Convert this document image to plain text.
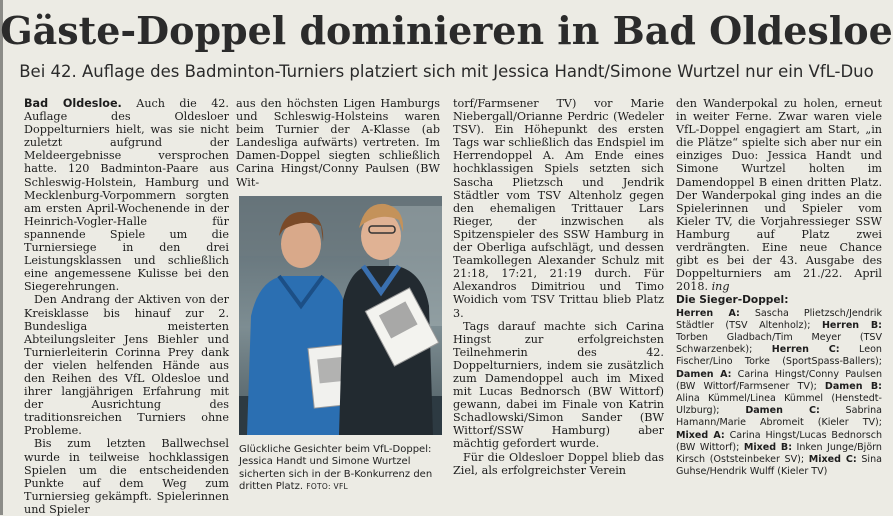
Gäste-Doppel dominieren in Bad Oldesloe
Bei 42. Auflage des Badminton-Turniers platziert sich mit Jessica Handt/Simone Wurtzel nur ein VfL-Duo

Bad Oldesloe. Auch die 42. Auflage des Oldesloer Doppelturniers hielt, was sie nicht zuletzt aufgrund der Meldeergebnisse versprochen hatte. 120 Badminton-Paare aus Schleswig-Holstein, Hamburg und Mecklenburg-Vorpommern sorgten am ersten April-Wochenende in der Heinrich-Vogler-Halle für spannende Spiele um die Turniersiege in den drei Leistungsklassen und schließlich eine angemessene Kulisse bei den Siegerehrungen.

Den Andrang der Aktiven von der Kreisklasse bis hinauf zur 2. Bundesliga meisterten Abteilungsleiter Jens Biehler und Turnierleiterin Corinna Prey dank der vielen helfenden Hände aus den Reihen des VfL Oldesloe und ihrer langjährigen Erfahrung mit der Ausrichtung des traditionsreichen Turniers ohne Probleme.

Bis zum letzten Ballwechsel wurde in teilweise hochklassigen Spielen um die entscheidenden Punkte auf dem Weg zum Turniersieg gekämpft. Spielerinnen und Spieler

aus den höchsten Ligen Hamburgs und Schleswig-Holsteins waren beim Turnier der A-Klasse (ab Landesliga aufwärts) vertreten. Im Damen-Doppel siegten schließlich Carina Hingst/Conny Paulsen (BW Wit-

Glückliche Gesichter beim VfL-Doppel: Jessica Handt und Simone Wurtzel sicherten sich in der B-Konkurrenz den dritten Platz. FOTO: VFL

torf/Farmsener TV) vor Marie Niebergall/Orianne Perdric (Wedeler TSV). Ein Höhepunkt des ersten Tags war schließlich das Endspiel im Herrendoppel A. Am Ende eines hochklassigen Spiels setzten sich Sascha Plietzsch und Jendrik Städtler vom TSV Altenholz gegen den ehemaligen Trittauer Lars Rieger, der inzwischen als Spitzenspieler des SSW Hamburg in der Oberliga aufschlägt, und dessen Teamkollegen Alexander Schulz mit 21:18, 17:21, 21:19 durch. Für Alexandros Dimitriou und Timo Woidich vom TSV Trittau blieb Platz 3.

Tags darauf machte sich Carina Hingst zur erfolgreichsten Teilnehmerin des 42. Doppelturniers, indem sie zusätzlich zum Damendoppel auch im Mixed mit Lucas Bednorsch (BW Wittorf) gewann, dabei im Finale von Katrin Schadlowski/Simon Sander (BW Wittorf/SSW Hamburg) aber mächtig gefordert wurde.

Für die Oldesloer Doppel blieb das Ziel, als erfolgreichster Verein

den Wanderpokal zu holen, erneut in weiter Ferne. Zwar waren viele VfL-Doppel engagiert am Start, „in die Plätze“ spielte sich aber nur ein einziges Duo: Jessica Handt und Simone Wurtzel holten im Damendoppel B einen dritten Platz. Der Wanderpokal ging indes an die Spielerinnen und Spieler vom Kieler TV, die Vorjahressieger SSW Hamburg auf Platz zwei verdrängten. Eine neue Chance gibt es bei der 43. Ausgabe des Doppelturniers am 21./22. April 2018. ing

Die Sieger-Doppel:
Herren A: Sascha Plietzsch/Jendrik Städtler (TSV Altenholz); Herren B: Torben Gladbach/Tim Meyer (TSV Schwarzenbek); Herren C: Leon Fischer/Lino Torke (SportSpass-Ballers); Damen A: Carina Hingst/Conny Paulsen (BW Wittorf/Farmsener TV); Damen B: Alina Kümmel/Linea Kümmel (Henstedt-Ulzburg);	Damen C: Sabrina Hamann/Marie Abromeit (Kieler TV); Mixed A: Carina Hingst/Lucas Bednorsch (BW Wittorf); Mixed B: Inken Junge/Björn Kirsch (Oststeinbeker SV); Mixed C: Sina Guhse/Hendrik Wulff (Kieler TV)
